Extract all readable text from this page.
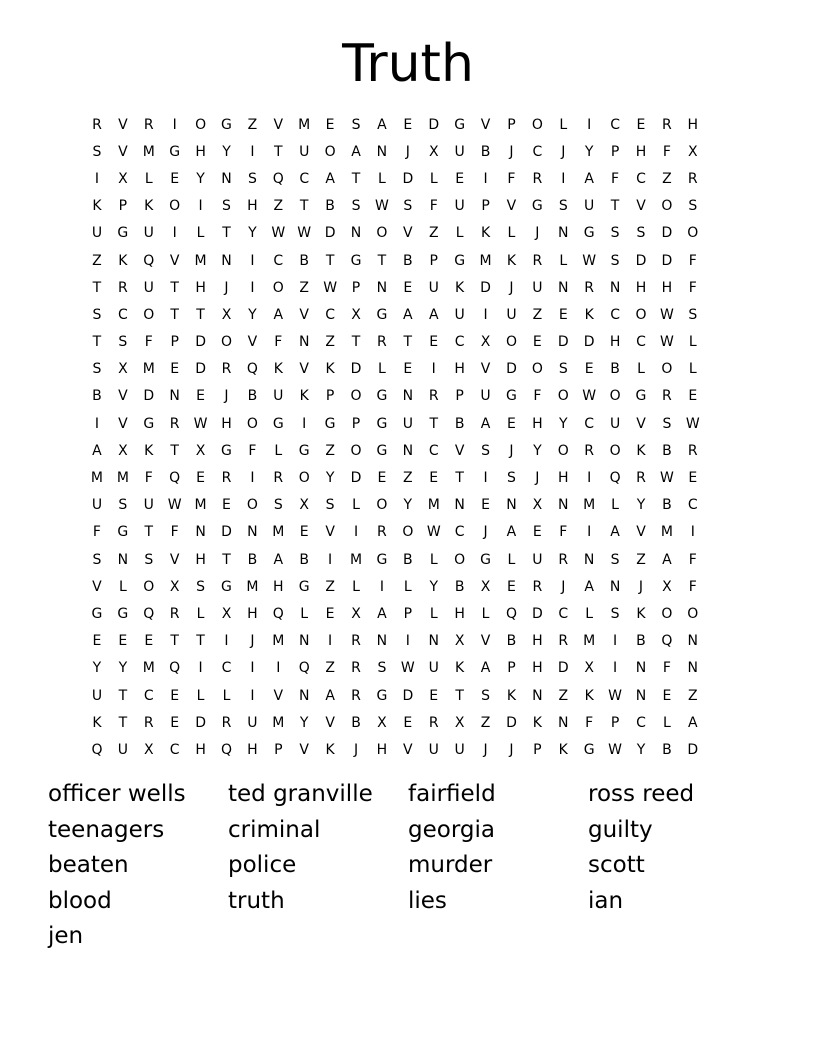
Truth
R	V	R	I	O	G	Z	V	M	E	S	A	E	D	G	V	P	O	L	I	C	E	R	H
S	V	M	G	H	Y	I	T	U	O	A	N	J	X	U	B	J	C	J	Y	P	H	F	X
I	X	L	E	Y	N	S	Q	C	A	T	L	D	L	E	I	F	R	I	A	F	C	Z	R
K	P	K	O	I	S	H	Z	T	B	S	W	S	F	U	P	V	G	S	U	T	V	O	S
U	G	U	I	L	T	Y	W W D	N	O	V	Z	L	K	L	J	N	G	S	S	D	O
Z	K	Q	V	M	N	I	C	B	T	G	T	B	P	G	M	K	R	L	W	S	D	D	F
T	R	U	T	H	J	I	O	Z	W	P	N	E	U	K	D	J	U	N	R	N	H	H	F
S	C	O	T	T	X	Y	A	V	C	X	G	A	A	U	I	U	Z	E	K	C	O W	S
T	S	F	P	D	O	V	F	N	Z	T	R	T	E	C	X	O	E	D	D	H	C	W	L
S	X	M	E	D	R	Q	K	V	K	D	L	E	I	H	V	D	O	S	E	B	L	O	L
B	V	D	N	E	J	B	U	K	P	O	G	N	R	P	U	G	F	O W O	G	R	E
I	V	G	R	W H	O	G	I	G	P	G	U	T	B	A	E	H	Y	C	U	V	S	W
A	X	K	T	X	G	F	L	G	Z	O	G	N	C	V	S	J	Y	O	R	O	K	B	R
M M	F	Q	E	R	I	R	O	Y	D	E	Z	E	T	I	S	J	H	I	Q	R	W	E
U	S	U W M	E	O	S	X	S	L	O	Y	M	N	E	N	X	N	M	L	Y	B	C
F	G	T	F	N	D	N	M	E	V	I	R	O W	C	J	A	E	F	I	A	V	M	I
S	N	S	V	H	T	B	A	B	I	M	G	B	L	O	G	L	U	R	N	S	Z	A	F
V	L	O	X	S	G	M	H	G	Z	L	I	L	Y	B	X	E	R	J	A	N	J	X	F
G	G	Q	R	L	X	H	Q	L	E	X	A	P	L	H	L	Q	D	C	L	S	K	O	O
E	E	E	T	T	I	J	M	N	I	R	N	I	N	X	V	B	H	R	M	I	B	Q	N
Y	Y	M	Q	I	C	I	I	Q	Z	R	S	W U	K	A	P	H	D	X	I	N	F	N
U	T	C	E	L	L	I	V	N	A	R	G	D	E	T	S	K	N	Z	K	W N	E	Z
K	T	R	E	D	R	U	M	Y	V	B	X	E	R	X	Z	D	K	N	F	P	C	L	A
Q	U	X	C	H	Q	H	P	V	K	J	H	V	U	U	J	J	P	K	G W	Y	B	D
officer wells	ted granville	fairfield	ross reed
teenagers	criminal	georgia	guilty
beaten	police	murder	scott
blood	truth	lies	ian
jen
